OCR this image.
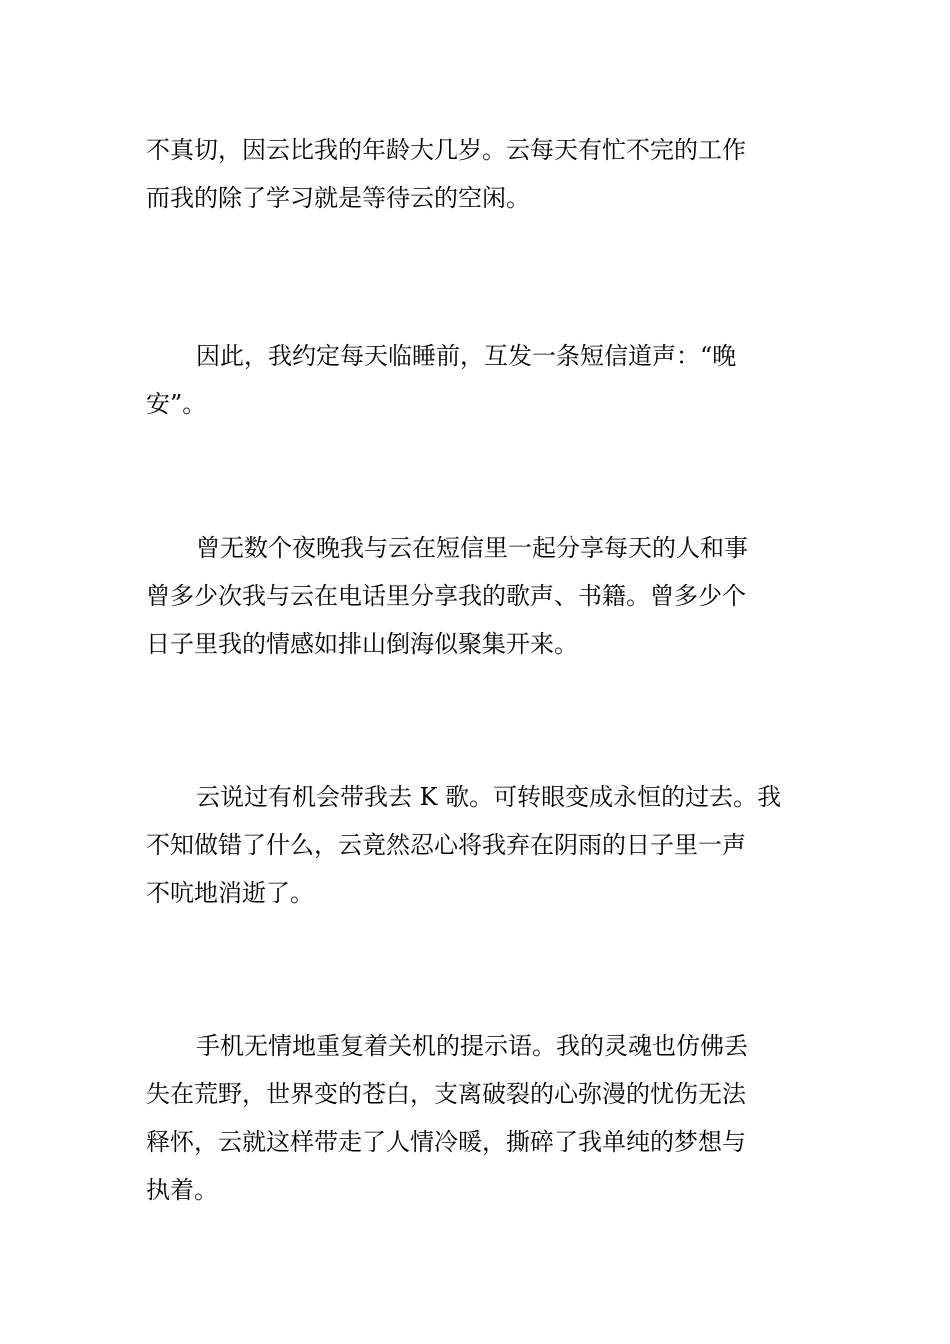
不真切，因云比我的年龄大几岁。云每天有忙不完的工作
而我的除了学习就是等待云的空闲。

因此，我约定每天临睡前，互发一条短信道声：“晚
安”。

曾无数个夜晚我与云在短信里一起分享每天的人和事
曾多少次我与云在电话里分享我的歌声、书籍。曾多少个
日子里我的情感如排山倒海似聚集开来。

云说过有机会带我去 K 歌。可转眼变成永恒的过去。我
不知做错了什么，云竟然忍心将我弃在阴雨的日子里一声
不吭地消逝了。

手机无情地重复着关机的提示语。我的灵魂也仿佛丢
失在荒野，世界变的苍白，支离破裂的心弥漫的忧伤无法
释怀，云就这样带走了人情冷暖，撕碎了我单纯的梦想与
执着。
